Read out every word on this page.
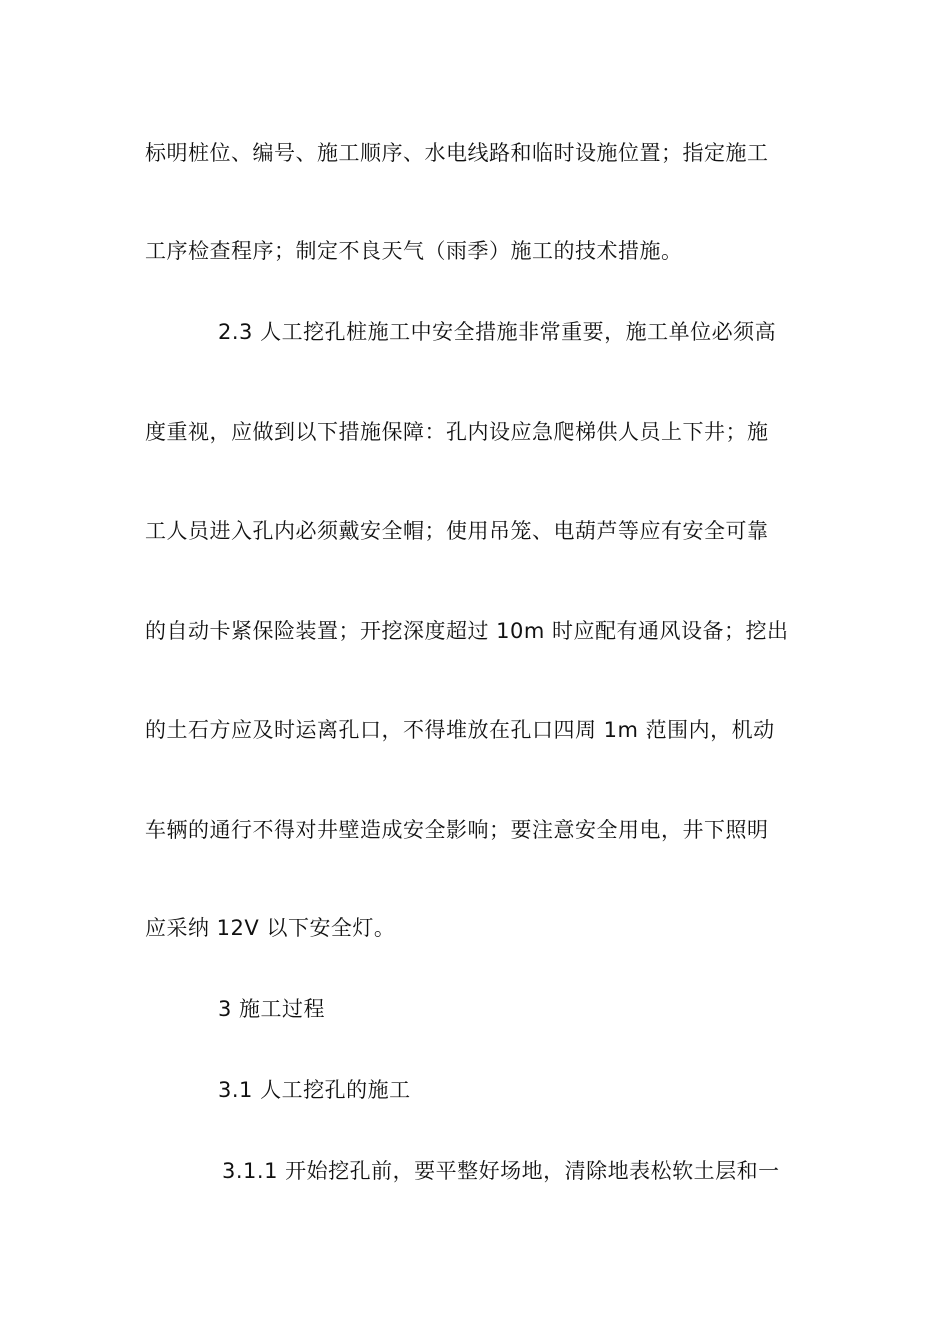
标明桩位、编号、施工顺序、水电线路和临时设施位置；指定施工
工序检查程序；制定不良天气（雨季）施工的技术措施。
2.3 人工挖孔桩施工中安全措施非常重要，施工单位必须高
度重视，应做到以下措施保障：孔内设应急爬梯供人员上下井；施
工人员进入孔内必须戴安全帽；使用吊笼、电葫芦等应有安全可靠
的自动卡紧保险装置；开挖深度超过 10m 时应配有通风设备；挖出
的土石方应及时运离孔口，不得堆放在孔口四周 1m 范围内，机动
车辆的通行不得对井壁造成安全影响；要注意安全用电，井下照明
应采纳 12V 以下安全灯。
3 施工过程
3.1 人工挖孔的施工
3.1.1 开始挖孔前，要平整好场地，清除地表松软土层和一
